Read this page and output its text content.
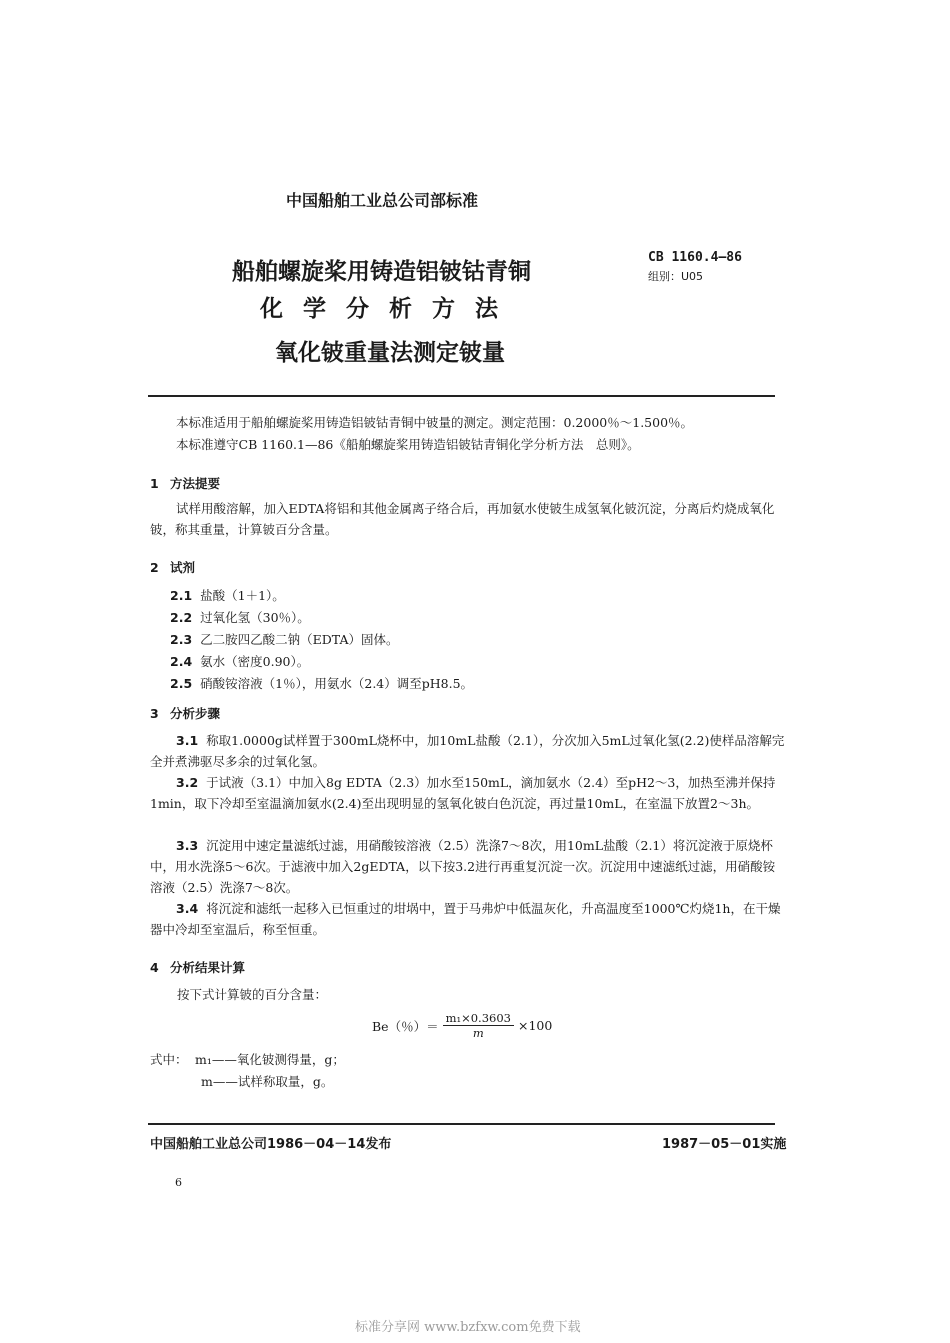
中国船舶工业总公司部标准
船舶螺旋桨用铸造铝铍钴青铜
化学分析方法
氧化铍重量法测定铍量
CB 1160.4—86
组别：U05
本标准适用于船舶螺旋桨用铸造铝铍钴青铜中铍量的测定。测定范围：0.2000％～1.500％。
本标准遵守CB 1160.1—86《船舶螺旋桨用铸造铝铍钴青铜化学分析方法　总则》。
1 方法提要
试样用酸溶解，加入EDTA将铝和其他金属离子络合后，再加氨水使铍生成氢氧化铍沉淀，分离后灼烧成氧化铍，称其重量，计算铍百分含量。
2 试剂
2.1 盐酸（1＋1）。
2.2 过氧化氢（30％）。
2.3 乙二胺四乙酸二钠（EDTA）固体。
2.4 氨水（密度0.90）。
2.5 硝酸铵溶液（1％），用氨水（2.4）调至pH8.5。
3 分析步骤
3.1 称取1.0000g试样置于300mL烧杯中，加10mL盐酸（2.1），分次加入5mL过氧化氢(2.2)使样品溶解完全并煮沸驱尽多余的过氧化氢。
3.2 于试液（3.1）中加入8g EDTA（2.3）加水至150mL，滴加氨水（2.4）至pH2～3，加热至沸并保持1min，取下冷却至室温滴加氨水(2.4)至出现明显的氢氧化铍白色沉淀，再过量10mL，在室温下放置2～3h。
3.3 沉淀用中速定量滤纸过滤，用硝酸铵溶液（2.5）洗涤7～8次，用10mL盐酸（2.1）将沉淀液于原烧杯中，用水洗涤5～6次。于滤液中加入2gEDTA，以下按3.2进行再重复沉淀一次。沉淀用中速滤纸过滤，用硝酸铵溶液（2.5）洗涤7～8次。
3.4 将沉淀和滤纸一起移入已恒重过的坩埚中，置于马弗炉中低温灰化，升高温度至1000℃灼烧1h，在干燥器中冷却至室温后，称至恒重。
4 分析结果计算
按下式计算铍的百分含量：
Be（％）＝ $\frac{\text{m₁×0.3603}}{m} \times 100$
式中： m₁——氧化铍测得量，g；
m——试样称取量，g。
中国船舶工业总公司1986－04－14发布	1987－05－01实施
6
标准分享网 www.bzfxw.com免费下载
